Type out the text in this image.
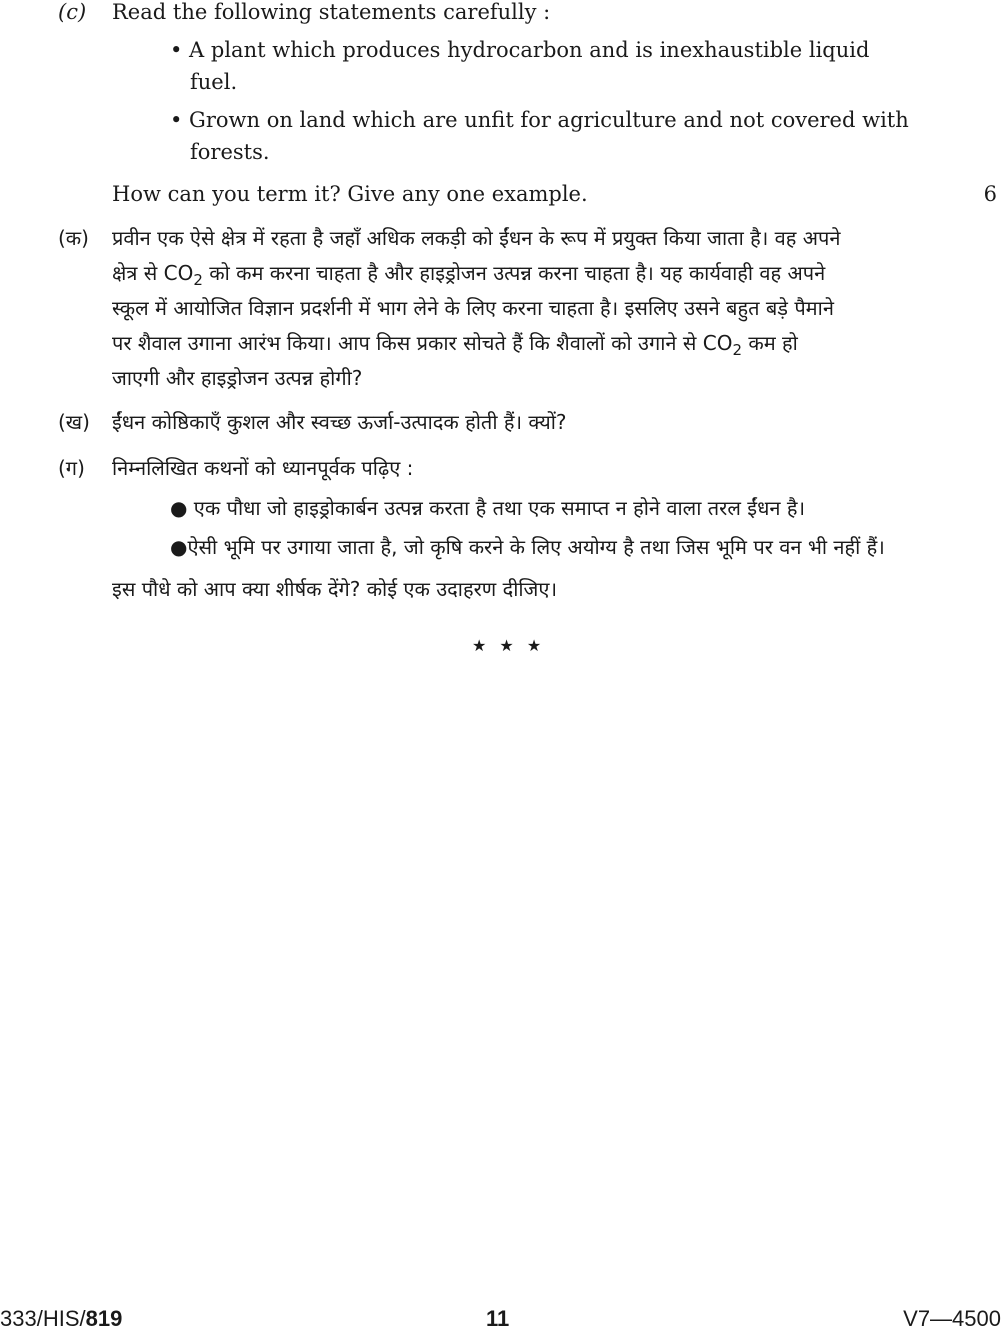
(c) Read the following statements carefully :
• A plant which produces hydrocarbon and is inexhaustible liquid
fuel.
• Grown on land which are unfit for agriculture and not covered with
forests.
How can you term it? Give any one example.	6
(क) प्रवीन एक ऐसे क्षेत्र में रहता है जहाँ अधिक लकड़ी को ईंधन के रूप में प्रयुक्त किया जाता है। वह अपने
क्षेत्र से $CO_2$ को कम करना चाहता है और हाइड्रोजन उत्पन्न करना चाहता है। यह कार्यवाही वह अपने
स्कूल में आयोजित विज्ञान प्रदर्शनी में भाग लेने के लिए करना चाहता है। इसलिए उसने बहुत बड़े पैमाने
पर शैवाल उगाना आरंभ किया। आप किस प्रकार सोचते हैं कि शैवालों को उगाने से $CO_2$ कम हो
जाएगी और हाइड्रोजन उत्पन्न होगी?
(ख) ईंधन कोष्ठिकाएँ कुशल और स्वच्छ ऊर्जा-उत्पादक होती हैं। क्यों?
(ग) निम्नलिखित कथनों को ध्यानपूर्वक पढ़िए :
● एक पौधा जो हाइड्रोकार्बन उत्पन्न करता है तथा एक समाप्त न होने वाला तरल ईंधन है।
●ऐसी भूमि पर उगाया जाता है, जो कृषि करने के लिए अयोग्य है तथा जिस भूमि पर वन भी नहीं हैं।
इस पौधे को आप क्या शीर्षक देंगे? कोई एक उदाहरण दीजिए।
★ ★ ★
333/HIS/819	11	V7—4500
